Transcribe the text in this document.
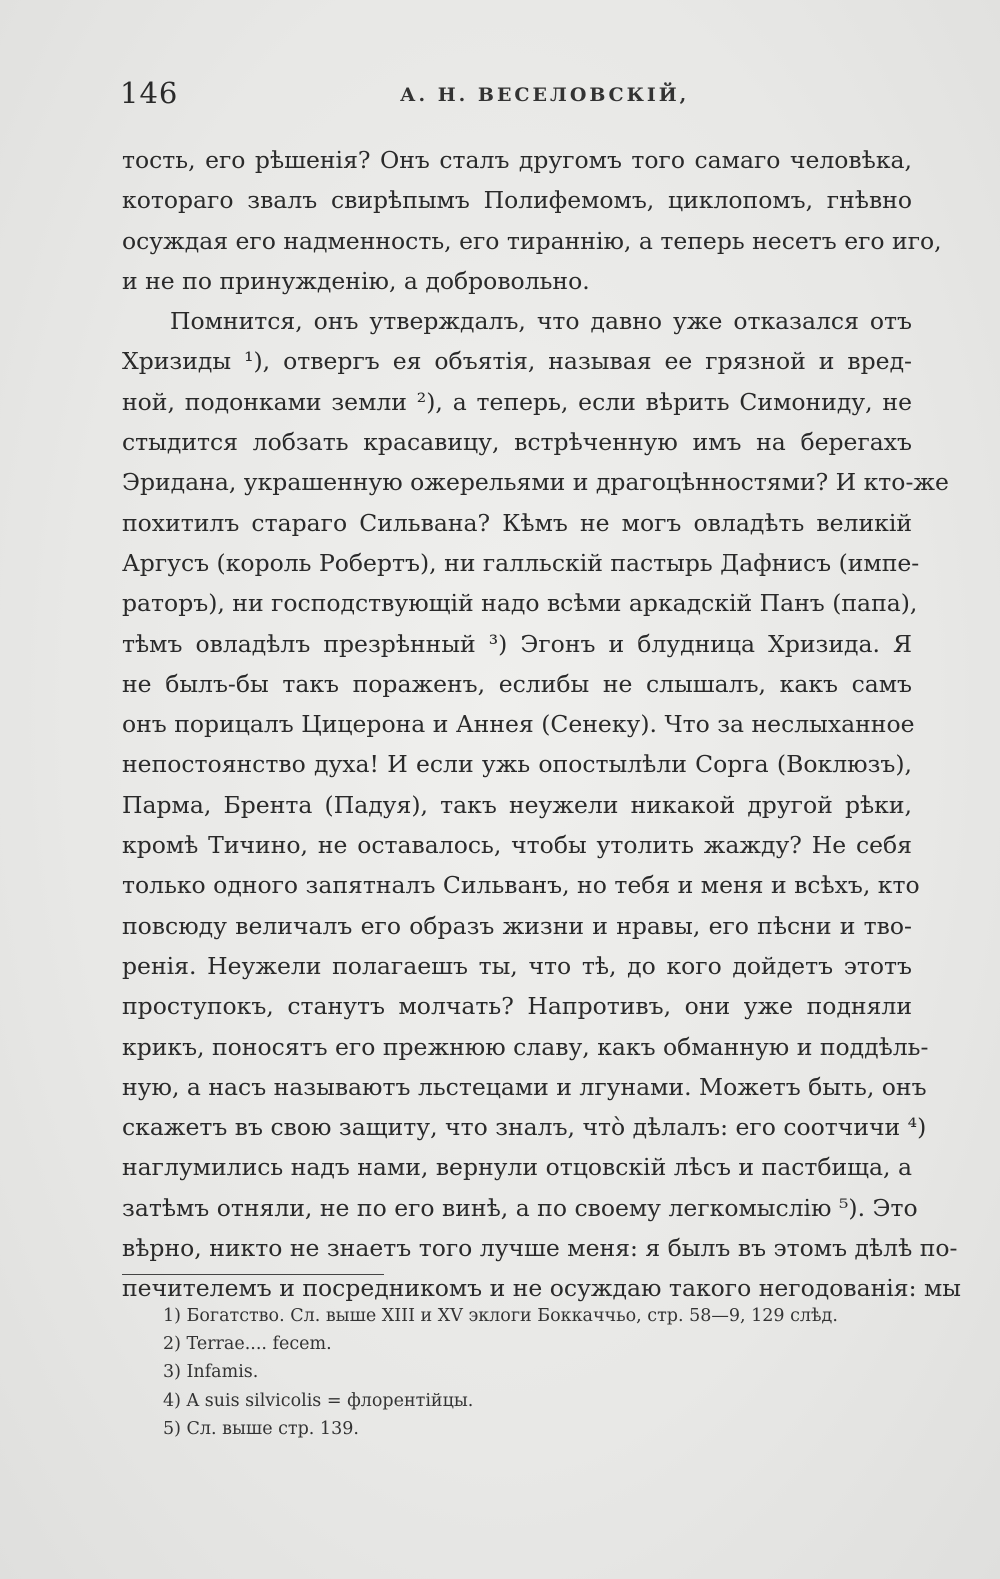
146	А. Н. ВЕСЕЛОВСКІЙ,
тость, его рѣшенія? Онъ сталъ другомъ того самаго человѣка,
котораго звалъ свирѣпымъ Полифемомъ, циклопомъ, гнѣвно
осуждая его надменность, его тираннію, а теперь несетъ его иго,
и не по принужденію, а добровольно.
Помнится, онъ утверждалъ, что давно уже отказался отъ
Хризиды ¹), отвергъ ея объятія, называя ее грязной и вред-
ной, подонками земли ²), а теперь, если вѣрить Симониду, не
стыдится лобзать красавицу, встрѣченную имъ на берегахъ
Эридана, украшенную ожерельями и драгоцѣнностями? И кто-же
похитилъ стараго Сильвана? Кѣмъ не могъ овладѣть великій
Аргусъ (король Робертъ), ни галльскій пастырь Дафнисъ (импе-
раторъ), ни господствующій надо всѣми аркадскій Панъ (папа),
тѣмъ овладѣлъ презрѣнный ³) Эгонъ и блудница Хризида. Я
не былъ-бы такъ пораженъ, еслибы не слышалъ, какъ самъ
онъ порицалъ Цицерона и Аннея (Сенеку). Что за неслыханное
непостоянство духа! И если ужь опостылѣли Сорга (Воклюзъ),
Парма, Брента (Падуя), такъ неужели никакой другой рѣки,
кромѣ Тичино, не оставалось, чтобы утолить жажду? Не себя
только одного запятналъ Сильванъ, но тебя и меня и всѣхъ, кто
повсюду величалъ его образъ жизни и нравы, его пѣсни и тво-
ренія. Неужели полагаешъ ты, что тѣ, до кого дойдетъ этотъ
проступокъ, станутъ молчать? Напротивъ, они уже подняли
крикъ, поносятъ его прежнюю славу, какъ обманную и поддѣль-
ную, а насъ называютъ льстецами и лгунами. Можетъ быть, онъ
скажетъ въ свою защиту, что зналъ, что̀ дѣлалъ: его соотчичи ⁴)
наглумились надъ нами, вернули отцовскій лѣсъ и пастбища, а
затѣмъ отняли, не по его винѣ, а по своему легкомыслію ⁵). Это
вѣрно, никто не знаетъ того лучше меня: я былъ въ этомъ дѣлѣ по-
печителемъ и посредникомъ и не осуждаю такого негодованія: мы
1) Богатство. Сл. выше XIII и XV эклоги Боккаччьо, стр. 58—9, 129 слѣд.
2) Terrae.... fecem.
3) Infamis.
4) A suis silvicolis = флорентійцы.
5) Сл. выше стр. 139.
